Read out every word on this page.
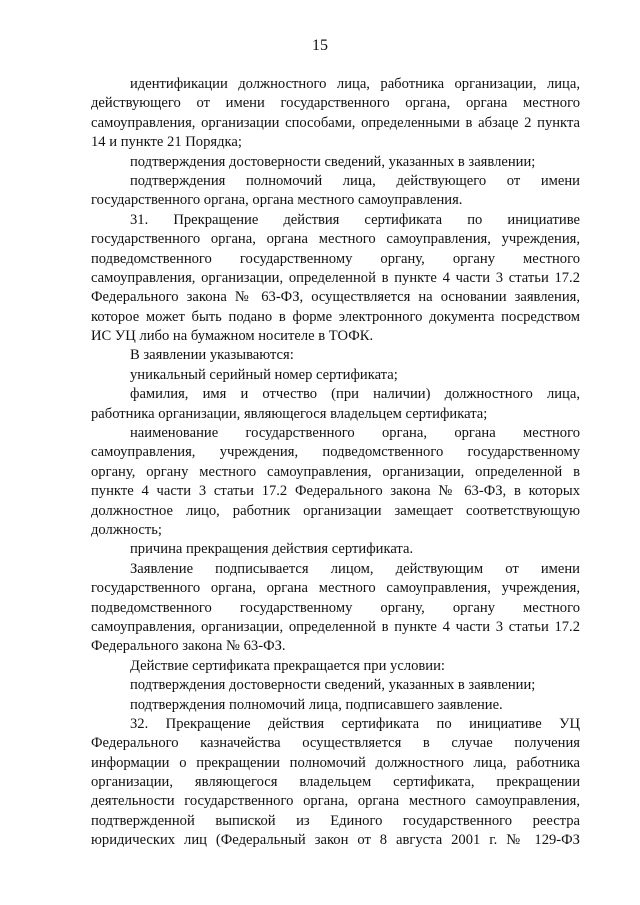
15
идентификации должностного лица, работника организации, лица,
действующего от имени государственного органа, органа местного
самоуправления, организации способами, определенными в абзаце 2 пункта
14 и пункте 21 Порядка;
подтверждения достоверности сведений, указанных в заявлении;
подтверждения полномочий лица, действующего от имени
государственного органа, органа местного самоуправления.
31. Прекращение действия сертификата по инициативе
государственного органа, органа местного самоуправления, учреждения,
подведомственного государственному органу, органу местного
самоуправления, организации, определенной в пункте 4 части 3 статьи 17.2
Федерального закона № 63-ФЗ, осуществляется на основании заявления,
которое может быть подано в форме электронного документа посредством
ИС УЦ либо на бумажном носителе в ТОФК.
В заявлении указываются:
уникальный серийный номер сертификата;
фамилия, имя и отчество (при наличии) должностного лица,
работника организации, являющегося владельцем сертификата;
наименование государственного органа, органа местного
самоуправления, учреждения, подведомственного государственному
органу, органу местного самоуправления, организации, определенной в
пункте 4 части 3 статьи 17.2 Федерального закона № 63-ФЗ, в которых
должностное лицо, работник организации замещает соответствующую
должность;
причина прекращения действия сертификата.
Заявление подписывается лицом, действующим от имени
государственного органа, органа местного самоуправления, учреждения,
подведомственного государственному органу, органу местного
самоуправления, организации, определенной в пункте 4 части 3 статьи 17.2
Федерального закона № 63-ФЗ.
Действие сертификата прекращается при условии:
подтверждения достоверности сведений, указанных в заявлении;
подтверждения полномочий лица, подписавшего заявление.
32. Прекращение действия сертификата по инициативе УЦ
Федерального казначейства осуществляется в случае получения
информации о прекращении полномочий должностного лица, работника
организации, являющегося владельцем сертификата, прекращении
деятельности государственного органа, органа местного самоуправления,
подтвержденной выпиской из Единого государственного реестра
юридических лиц (Федеральный закон от 8 августа 2001 г. № 129-ФЗ
